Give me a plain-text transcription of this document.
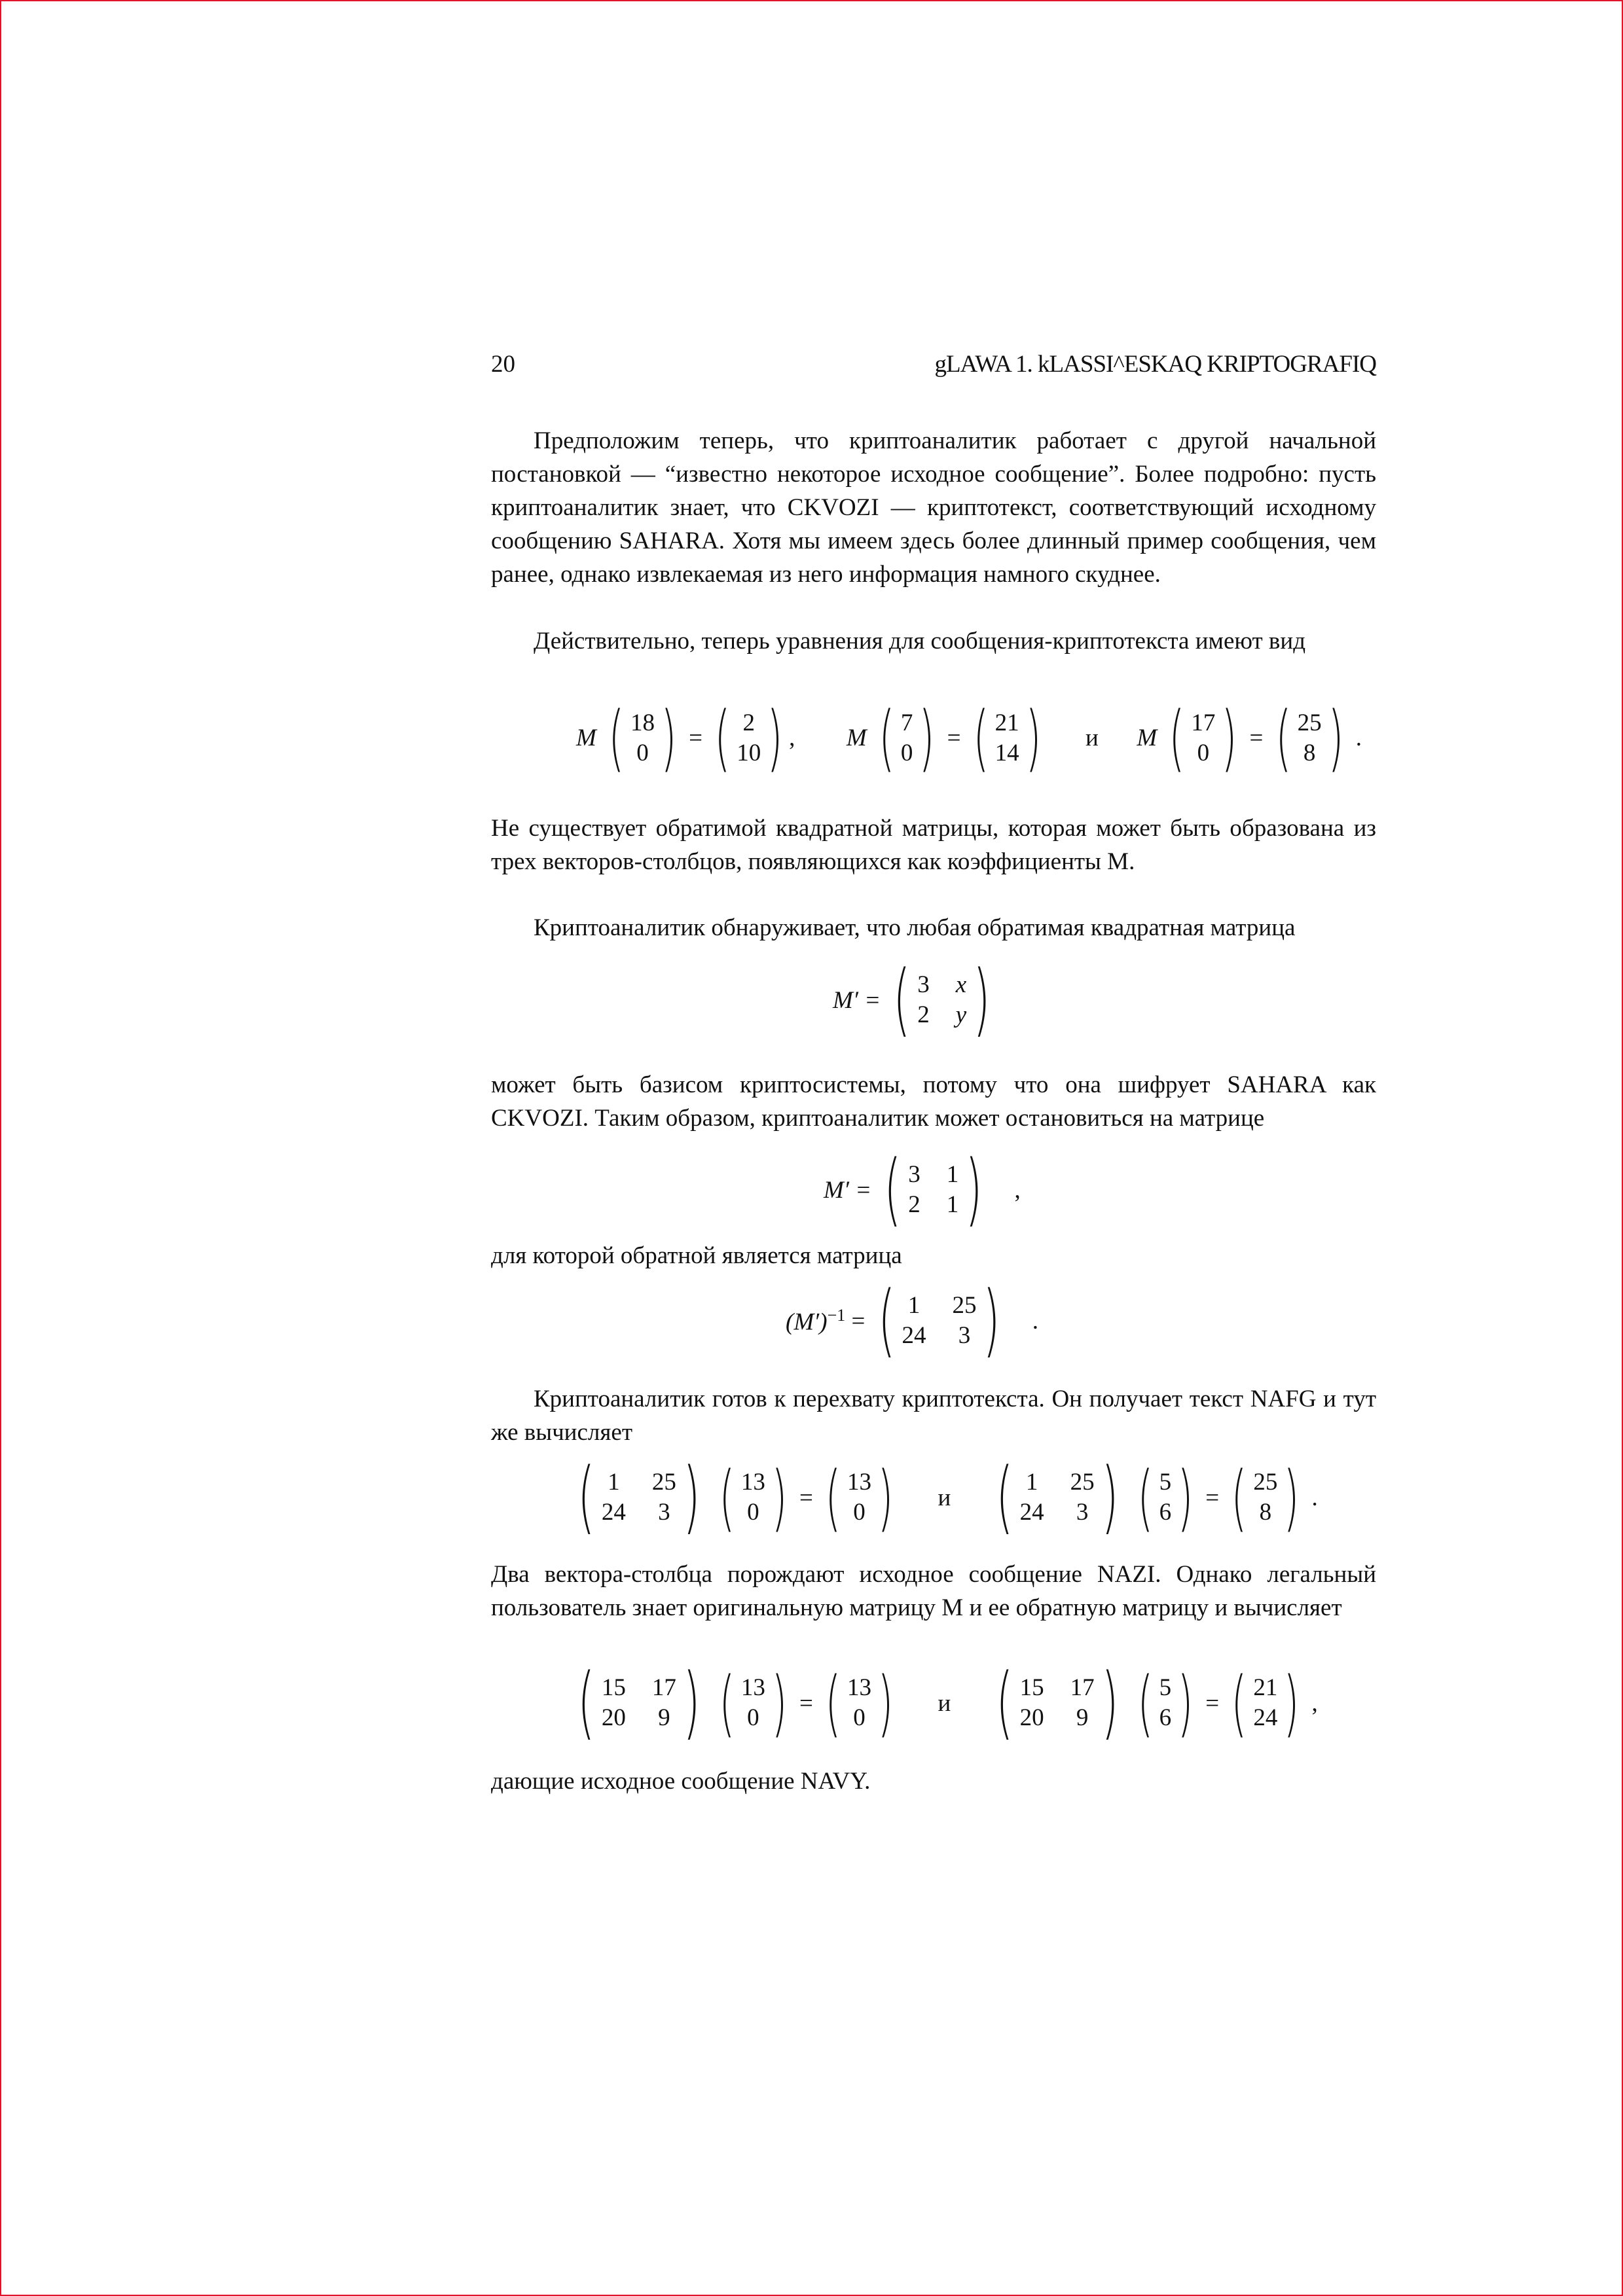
20	gLAWA 1. kLASSI^ESKAQ KRIPTOGRAFIQ
Предположим теперь, что криптоаналитик работает с другой начальной постановкой — “известно некоторое исходное сообщение”. Более подробно: пусть криптоаналитик знает, что CKVOZI — криптотекст, соответствующий исходному сообщению SAHARA. Хотя мы имеем здесь более длинный пример сообщения, чем ранее, однако извлекаемая из него информация намного скуднее.
Действительно, теперь уравнения для сообщения-криптотекста имеют вид
M ( 18
0 ) = ( 2
10 ) , M ( 7
0 ) = ( 21
14 ) и M ( 17
0 ) = ( 25
8 ) .
Не существует обратимой квадратной матрицы, которая может быть образована из трех векторов-столбцов, появляющихся как коэффициенты M.
Криптоаналитик обнаруживает, что любая обратимая квадратная матрица
M′ = ( 3 x
2 y )
может быть базисом криптосистемы, потому что она шифрует SAHARA как CKVOZI. Таким образом, криптоаналитик может остановиться на матрице
M′ = ( 3 1
2 1 ) ,
для которой обратной является матрица
$(M')^{-1}$ = ( 1 25
24 3 ) .
Криптоаналитик готов к перехвату криптотекста. Он получает текст NAFG и тут же вычисляет
( 1 25
24 3 )
( 13
0 ) = ( 13
0 ) и ( 1 25
24 3 )
( 5
6 ) = ( 25
8 ) .
Два вектора-столбца порождают исходное сообщение NAZI. Однако легальный пользователь знает оригинальную матрицу M и ее обратную матрицу и вычисляет
( 15 17
20 9 )
( 13
0 ) = ( 13
0 ) и ( 15 17
20 9 )
( 5
6 ) = ( 21
24 ) ,
дающие исходное сообщение NAVY.
